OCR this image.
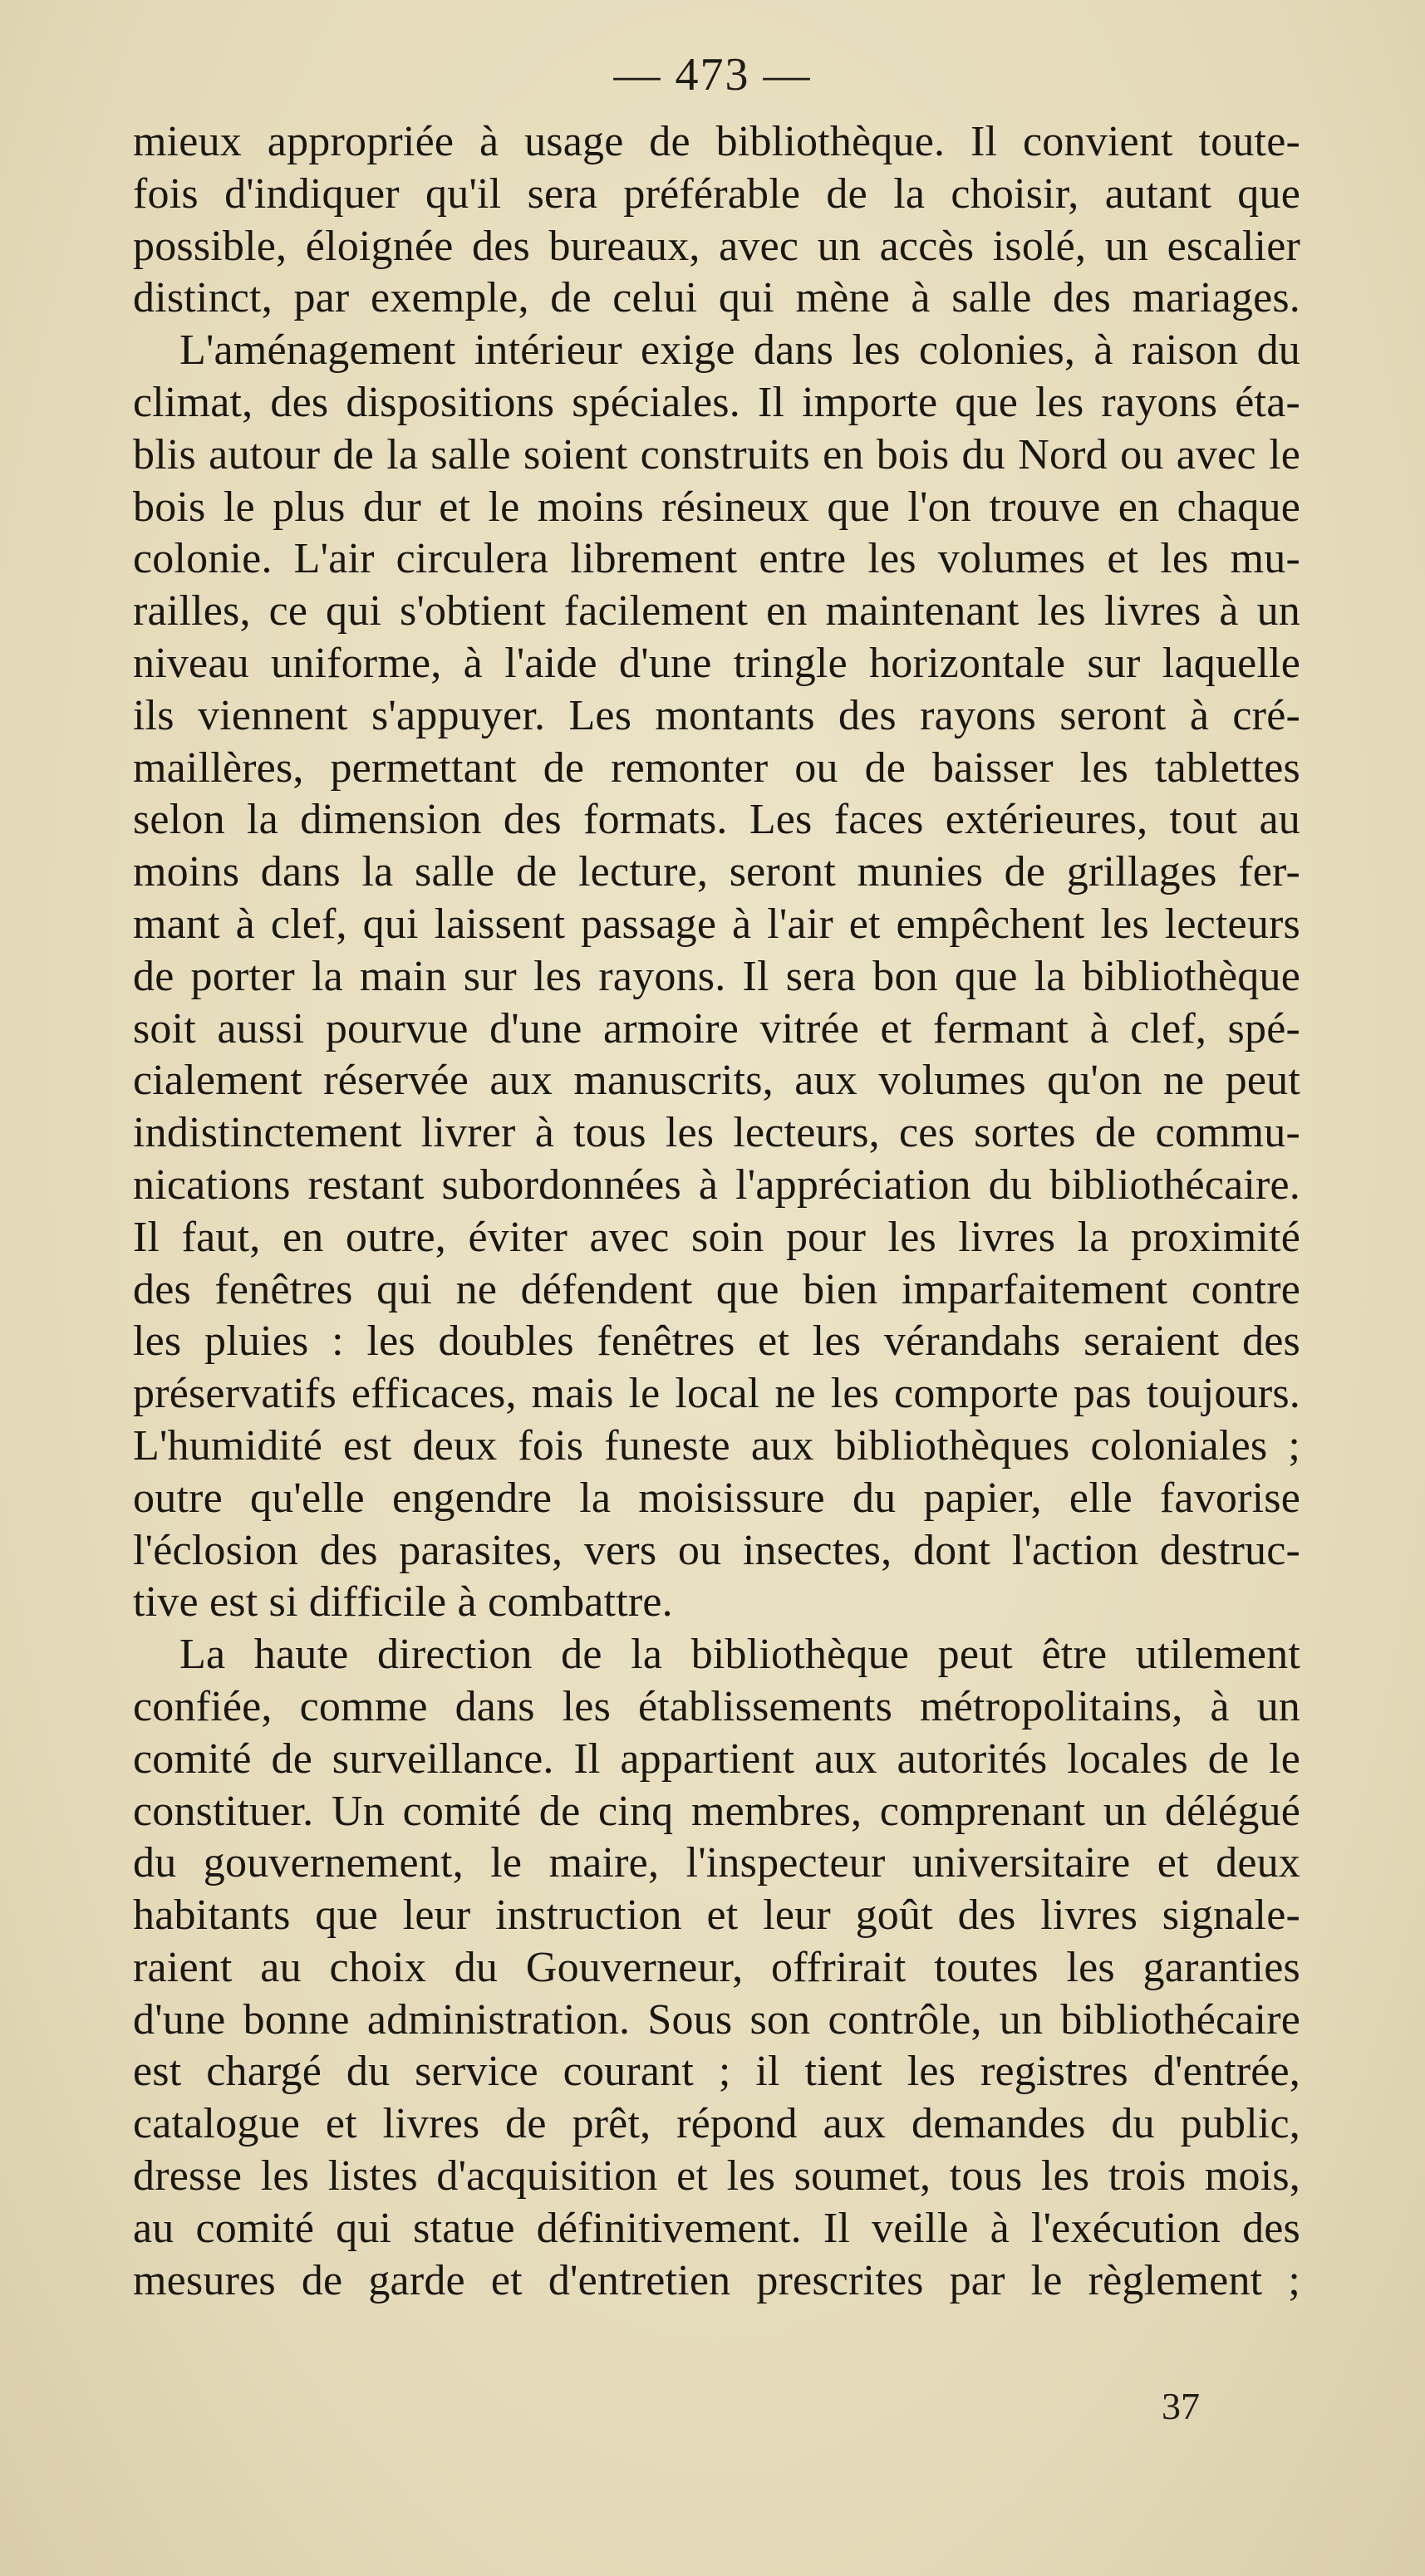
— 473 —
mieux appropriée à usage de bibliothèque. Il convient toute-
fois d'indiquer qu'il sera préférable de la choisir, autant que
possible, éloignée des bureaux, avec un accès isolé, un escalier
distinct, par exemple, de celui qui mène à salle des mariages.
L'aménagement intérieur exige dans les colonies, à raison du
climat, des dispositions spéciales. Il importe que les rayons éta-
blis autour de la salle soient construits en bois du Nord ou avec le
bois le plus dur et le moins résineux que l'on trouve en chaque
colonie. L'air circulera librement entre les volumes et les mu-
railles, ce qui s'obtient facilement en maintenant les livres à un
niveau uniforme, à l'aide d'une tringle horizontale sur laquelle
ils viennent s'appuyer. Les montants des rayons seront à cré-
maillères, permettant de remonter ou de baisser les tablettes
selon la dimension des formats. Les faces extérieures, tout au
moins dans la salle de lecture, seront munies de grillages fer-
mant à clef, qui laissent passage à l'air et empêchent les lecteurs
de porter la main sur les rayons. Il sera bon que la bibliothèque
soit aussi pourvue d'une armoire vitrée et fermant à clef, spé-
cialement réservée aux manuscrits, aux volumes qu'on ne peut
indistinctement livrer à tous les lecteurs, ces sortes de commu-
nications restant subordonnées à l'appréciation du bibliothécaire.
Il faut, en outre, éviter avec soin pour les livres la proximité
des fenêtres qui ne défendent que bien imparfaitement contre
les pluies : les doubles fenêtres et les vérandahs seraient des
préservatifs efficaces, mais le local ne les comporte pas toujours.
L'humidité est deux fois funeste aux bibliothèques coloniales ;
outre qu'elle engendre la moisissure du papier, elle favorise
l'éclosion des parasites, vers ou insectes, dont l'action destruc-
tive est si difficile à combattre.
La haute direction de la bibliothèque peut être utilement
confiée, comme dans les établissements métropolitains, à un
comité de surveillance. Il appartient aux autorités locales de le
constituer. Un comité de cinq membres, comprenant un délégué
du gouvernement, le maire, l'inspecteur universitaire et deux
habitants que leur instruction et leur goût des livres signale-
raient au choix du Gouverneur, offrirait toutes les garanties
d'une bonne administration. Sous son contrôle, un bibliothécaire
est chargé du service courant ; il tient les registres d'entrée,
catalogue et livres de prêt, répond aux demandes du public,
dresse les listes d'acquisition et les soumet, tous les trois mois,
au comité qui statue définitivement. Il veille à l'exécution des
mesures de garde et d'entretien prescrites par le règlement ;
37
